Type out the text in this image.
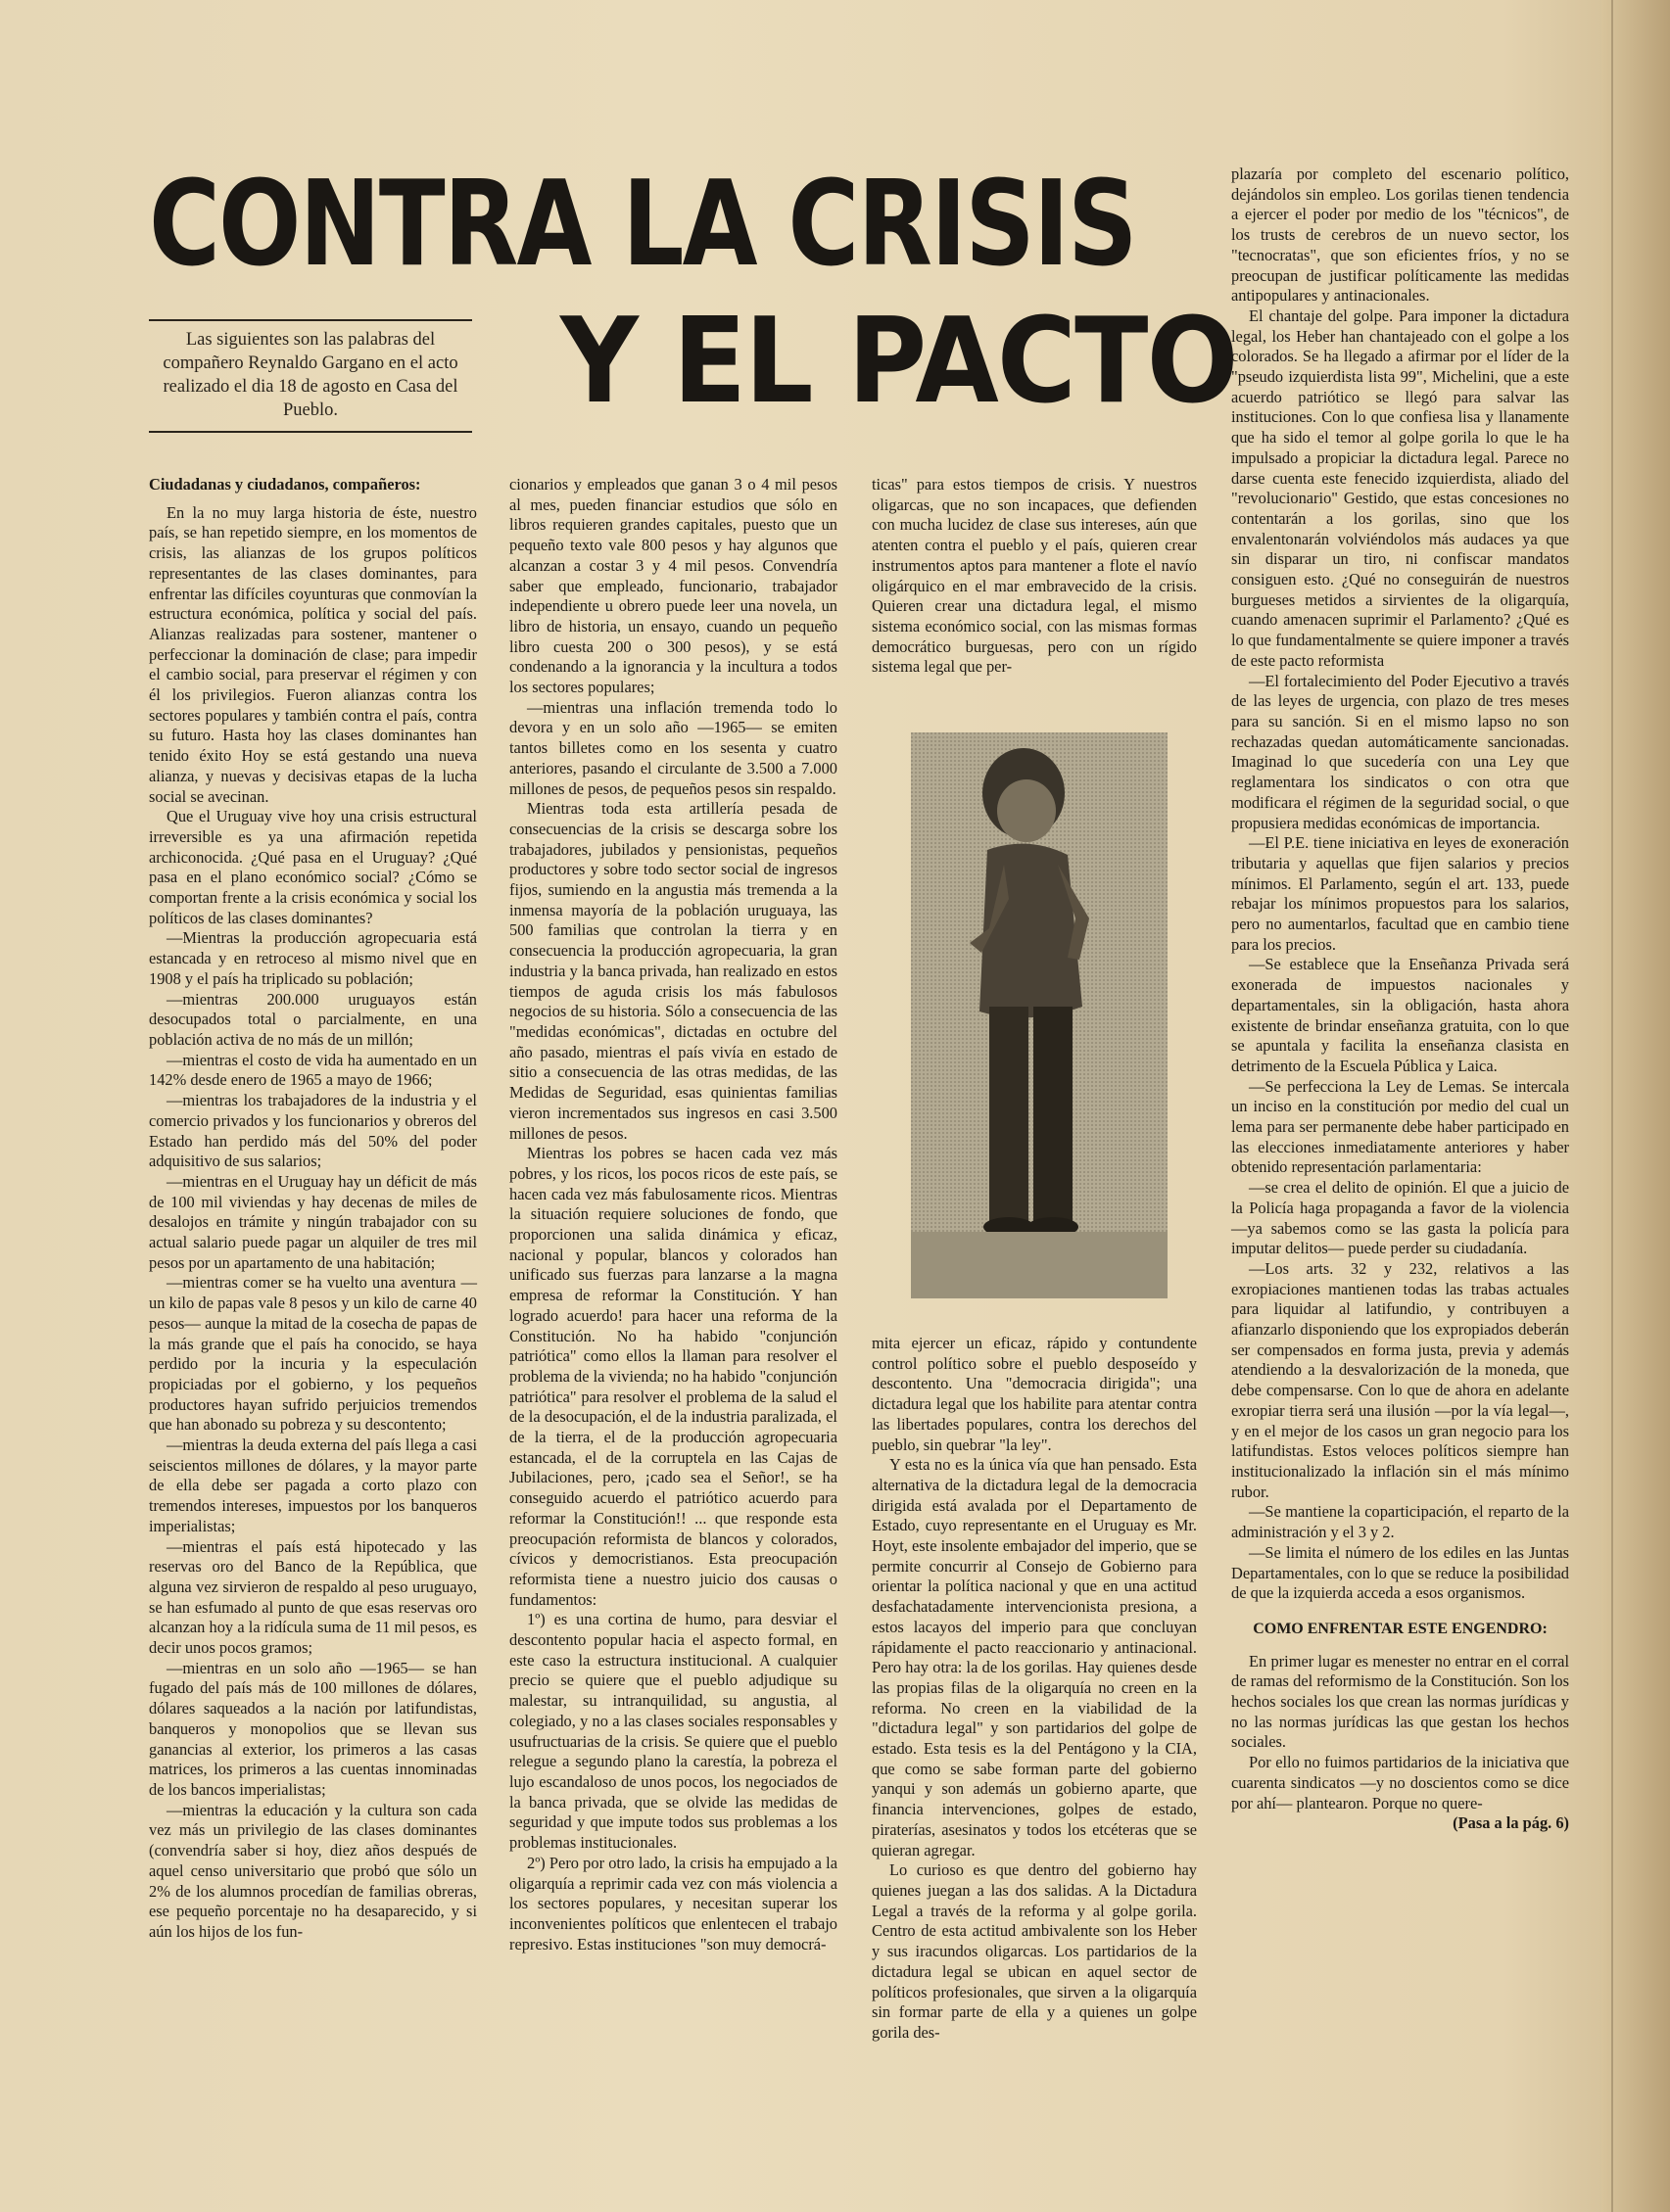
CONTRA LA CRISIS
Y EL PACTO
Las siguientes son las palabras del compañero Reynaldo Gargano en el acto realizado el dia 18 de agosto en Casa del Pueblo.

Ciudadanas y ciudadanos, compañeros:

En la no muy larga historia de éste, nuestro país, se han repetido siempre, en los momentos de crisis, las alianzas de los grupos políticos representantes de las clases dominantes, para enfrentar las difíciles coyunturas que conmovían la estructura económica, política y social del país. Alianzas realizadas para sostener, mantener o perfeccionar la dominación de clase; para impedir el cambio social, para preservar el régimen y con él los privilegios. Fueron alianzas contra los sectores populares y también contra el país, contra su futuro. Hasta hoy las clases dominantes han tenido éxito Hoy se está gestando una nueva alianza, y nuevas y decisivas etapas de la lucha social se avecinan.

Que el Uruguay vive hoy una crisis estructural irreversible es ya una afirmación repetida archiconocida. ¿Qué pasa en el Uruguay? ¿Qué pasa en el plano económico social? ¿Cómo se comportan frente a la crisis económica y social los políticos de las clases dominantes?

—Mientras la producción agropecuaria está estancada y en retroceso al mismo nivel que en 1908 y el país ha triplicado su población;

—mientras 200.000 uruguayos están desocupados total o parcialmente, en una población activa de no más de un millón;

—mientras el costo de vida ha aumentado en un 142% desde enero de 1965 a mayo de 1966;

—mientras los trabajadores de la industria y el comercio privados y los funcionarios y obreros del Estado han perdido más del 50% del poder adquisitivo de sus salarios;

—mientras en el Uruguay hay un déficit de más de 100 mil viviendas y hay decenas de miles de desalojos en trámite y ningún trabajador con su actual salario puede pagar un alquiler de tres mil pesos por un apartamento de una habitación;

—mientras comer se ha vuelto una aventura —un kilo de papas vale 8 pesos y un kilo de carne 40 pesos— aunque la mitad de la cosecha de papas de la más grande que el país ha conocido, se haya perdido por la incuria y la especulación propiciadas por el gobierno, y los pequeños productores hayan sufrido perjuicios tremendos que han abonado su pobreza y su descontento;

—mientras la deuda externa del país llega a casi seiscientos millones de dólares, y la mayor parte de ella debe ser pagada a corto plazo con tremendos intereses, impuestos por los banqueros imperialistas;

—mientras el país está hipotecado y las reservas oro del Banco de la República, que alguna vez sirvieron de respaldo al peso uruguayo, se han esfumado al punto de que esas reservas oro alcanzan hoy a la ridícula suma de 11 mil pesos, es decir unos pocos gramos;

—mientras en un solo año —1965— se han fugado del país más de 100 millones de dólares, dólares saqueados a la nación por latifundistas, banqueros y monopolios que se llevan sus ganancias al exterior, los primeros a las casas matrices, los primeros a las cuentas innominadas de los bancos imperialistas;

—mientras la educación y la cultura son cada vez más un privilegio de las clases dominantes (convendría saber si hoy, diez años después de aquel censo universitario que probó que sólo un 2% de los alumnos procedían de familias obreras, ese pequeño porcentaje no ha desaparecido, y si aún los hijos de los fun-

cionarios y empleados que ganan 3 o 4 mil pesos al mes, pueden financiar estudios que sólo en libros requieren grandes capitales, puesto que un pequeño texto vale 800 pesos y hay algunos que alcanzan a costar 3 y 4 mil pesos. Convendría saber que empleado, funcionario, trabajador independiente u obrero puede leer una novela, un libro de historia, un ensayo, cuando un pequeño libro cuesta 200 o 300 pesos), y se está condenando a la ignorancia y la incultura a todos los sectores populares;

—mientras una inflación tremenda todo lo devora y en un solo año —1965— se emiten tantos billetes como en los sesenta y cuatro anteriores, pasando el circulante de 3.500 a 7.000 millones de pesos, de pequeños pesos sin respaldo.

Mientras toda esta artillería pesada de consecuencias de la crisis se descarga sobre los trabajadores, jubilados y pensionistas, pequeños productores y sobre todo sector social de ingresos fijos, sumiendo en la angustia más tremenda a la inmensa mayoría de la población uruguaya, las 500 familias que controlan la tierra y en consecuencia la producción agropecuaria, la gran industria y la banca privada, han realizado en estos tiempos de aguda crisis los más fabulosos negocios de su historia. Sólo a consecuencia de las "medidas económicas", dictadas en octubre del año pasado, mientras el país vivía en estado de sitio a consecuencia de las otras medidas, de las Medidas de Seguridad, esas quinientas familias vieron incrementados sus ingresos en casi 3.500 millones de pesos.

Mientras los pobres se hacen cada vez más pobres, y los ricos, los pocos ricos de este país, se hacen cada vez más fabulosamente ricos. Mientras la situación requiere soluciones de fondo, que proporcionen una salida dinámica y eficaz, nacional y popular, blancos y colorados han unificado sus fuerzas para lanzarse a la magna empresa de reformar la Constitución. Y han logrado acuerdo! para hacer una reforma de la Constitución. No ha habido "conjunción patriótica" como ellos la llaman para resolver el problema de la vivienda; no ha habido "conjunción patriótica" para resolver el problema de la salud el de la desocupación, el de la industria paralizada, el de la tierra, el de la producción agropecuaria estancada, el de la corruptela en las Cajas de Jubilaciones, pero, ¡cado sea el Señor!, se ha conseguido acuerdo el patriótico acuerdo para reformar la Constitución!! ... que responde esta preocupación reformista de blancos y colorados, cívicos y democristianos. Esta preocupación reformista tiene a nuestro juicio dos causas o fundamentos:

1º) es una cortina de humo, para desviar el descontento popular hacia el aspecto formal, en este caso la estructura institucional. A cualquier precio se quiere que el pueblo adjudique su malestar, su intranquilidad, su angustia, al colegiado, y no a las clases sociales responsables y usufructuarias de la crisis. Se quiere que el pueblo relegue a segundo plano la carestía, la pobreza el lujo escandaloso de unos pocos, los negociados de la banca privada, que se olvide las medidas de seguridad y que impute todos sus problemas a los problemas institucionales.

2º) Pero por otro lado, la crisis ha empujado a la oligarquía a reprimir cada vez con más violencia a los sectores populares, y necesitan superar los inconvenientes políticos que enlentecen el trabajo represivo. Estas instituciones "son muy democrá-

ticas" para estos tiempos de crisis. Y nuestros oligarcas, que no son incapaces, que defienden con mucha lucidez de clase sus intereses, aún que atenten contra el pueblo y el país, quieren crear instrumentos aptos para mantener a flote el navío oligárquico en el mar embravecido de la crisis. Quieren crear una dictadura legal, el mismo sistema económico social, con las mismas formas democrático burguesas, pero con un rígido sistema legal que per-

mita ejercer un eficaz, rápido y contundente control político sobre el pueblo desposeído y descontento. Una "democracia dirigida"; una dictadura legal que los habilite para atentar contra las libertades populares, contra los derechos del pueblo, sin quebrar "la ley".

Y esta no es la única vía que han pensado. Esta alternativa de la dictadura legal de la democracia dirigida está avalada por el Departamento de Estado, cuyo representante en el Uruguay es Mr. Hoyt, este insolente embajador del imperio, que se permite concurrir al Consejo de Gobierno para orientar la política nacional y que en una actitud desfachatadamente intervencionista presiona, a estos lacayos del imperio para que concluyan rápidamente el pacto reaccionario y antinacional. Pero hay otra: la de los gorilas. Hay quienes desde las propias filas de la oligarquía no creen en la reforma. No creen en la viabilidad de la "dictadura legal" y son partidarios del golpe de estado. Esta tesis es la del Pentágono y la CIA, que como se sabe forman parte del gobierno yanqui y son además un gobierno aparte, que financia intervenciones, golpes de estado, piraterías, asesinatos y todos los etcéteras que se quieran agregar.

Lo curioso es que dentro del gobierno hay quienes juegan a las dos salidas. A la Dictadura Legal a través de la reforma y al golpe gorila. Centro de esta actitud ambivalente son los Heber y sus iracundos oligarcas. Los partidarios de la dictadura legal se ubican en aquel sector de políticos profesionales, que sirven a la oligarquía sin formar parte de ella y a quienes un golpe gorila des-

plazaría por completo del escenario político, dejándolos sin empleo. Los gorilas tienen tendencia a ejercer el poder por medio de los "técnicos", de los trusts de cerebros de un nuevo sector, los "tecnocratas", que son eficientes fríos, y no se preocupan de justificar políticamente las medidas antipopulares y antinacionales.

El chantaje del golpe. Para imponer la dictadura legal, los Heber han chantajeado con el golpe a los colorados. Se ha llegado a afirmar por el líder de la "pseudo izquierdista lista 99", Michelini, que a este acuerdo patriótico se llegó para salvar las instituciones. Con lo que confiesa lisa y llanamente que ha sido el temor al golpe gorila lo que le ha impulsado a propiciar la dictadura legal. Parece no darse cuenta este fenecido izquierdista, aliado del "revolucionario" Gestido, que estas concesiones no contentarán a los gorilas, sino que los envalentonarán volviéndolos más audaces ya que sin disparar un tiro, ni confiscar mandatos consiguen esto. ¿Qué no conseguirán de nuestros burgueses metidos a sirvientes de la oligarquía, cuando amenacen suprimir el Parlamento? ¿Qué es lo que fundamentalmente se quiere imponer a través de este pacto reformista

—El fortalecimiento del Poder Ejecutivo a través de las leyes de urgencia, con plazo de tres meses para su sanción. Si en el mismo lapso no son rechazadas quedan automáticamente sancionadas. Imaginad lo que sucedería con una Ley que reglamentara los sindicatos o con otra que modificara el régimen de la seguridad social, o que propusiera medidas económicas de importancia.

—El P.E. tiene iniciativa en leyes de exoneración tributaria y aquellas que fijen salarios y precios mínimos. El Parlamento, según el art. 133, puede rebajar los mínimos propuestos para los salarios, pero no aumentarlos, facultad que en cambio tiene para los precios.

—Se establece que la Enseñanza Privada será exonerada de impuestos nacionales y departamentales, sin la obligación, hasta ahora existente de brindar enseñanza gratuita, con lo que se apuntala y facilita la enseñanza clasista en detrimento de la Escuela Pública y Laica.

—Se perfecciona la Ley de Lemas. Se intercala un inciso en la constitución por medio del cual un lema para ser permanente debe haber participado en las elecciones inmediatamente anteriores y haber obtenido representación parlamentaria:

—se crea el delito de opinión. El que a juicio de la Policía haga propaganda a favor de la violencia —ya sabemos como se las gasta la policía para imputar delitos— puede perder su ciudadanía.

—Los arts. 32 y 232, relativos a las exropiaciones mantienen todas las trabas actuales para liquidar al latifundio, y contribuyen a afianzarlo disponiendo que los expropiados deberán ser compensados en forma justa, previa y además atendiendo a la desvalorización de la moneda, que debe compensarse. Con lo que de ahora en adelante exropiar tierra será una ilusión —por la vía legal—, y en el mejor de los casos un gran negocio para los latifundistas. Estos veloces políticos siempre han institucionalizado la inflación sin el más mínimo rubor.

—Se mantiene la coparticipación, el reparto de la administración y el 3 y 2.

—Se limita el número de los ediles en las Juntas Departamentales, con lo que se reduce la posibilidad de que la izquierda acceda a esos organismos.

COMO ENFRENTAR ESTE ENGENDRO:

En primer lugar es menester no entrar en el corral de ramas del reformismo de la Constitución. Son los hechos sociales los que crean las normas jurídicas y no las normas jurídicas las que gestan los hechos sociales.

Por ello no fuimos partidarios de la iniciativa que cuarenta sindicatos —y no doscientos como se dice por ahí— plantearon. Porque no quere-

(Pasa a la pág. 6)
